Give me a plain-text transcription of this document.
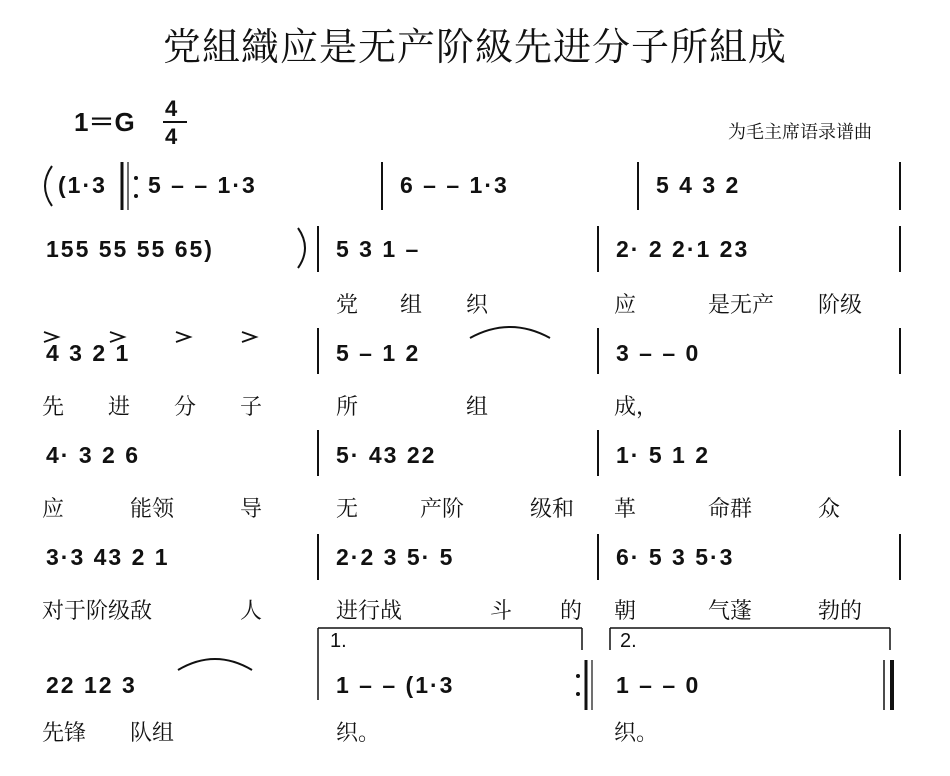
党組織应是无产阶級先进分子所組成
1＝G 4
4	为毛主席语录谱曲
(1·3 5 – – 1·3	6 – – 1·3	5 4 3 2
155 55 55 65)	5 3 1 –	2· 2 2·1 23
党 组 织	应	是无产 阶级
4 3 2 1	5 – 1 2	3 – – 0
先 进 分 子	所	组	成，
4· 3 2 6	5· 43 22	1· 5 1 2
应	能领	导	无	产阶	级和 革	命群	众
3·3 43 2 1	2·2 3 5· 5	6· 5 3 5·3
对于阶级敌	人	进行战	斗 的 朝	气蓬	勃的
1.	2.
22 12 3	1 – – (1·3	1 – – 0
先锋 队组	织。	织。
